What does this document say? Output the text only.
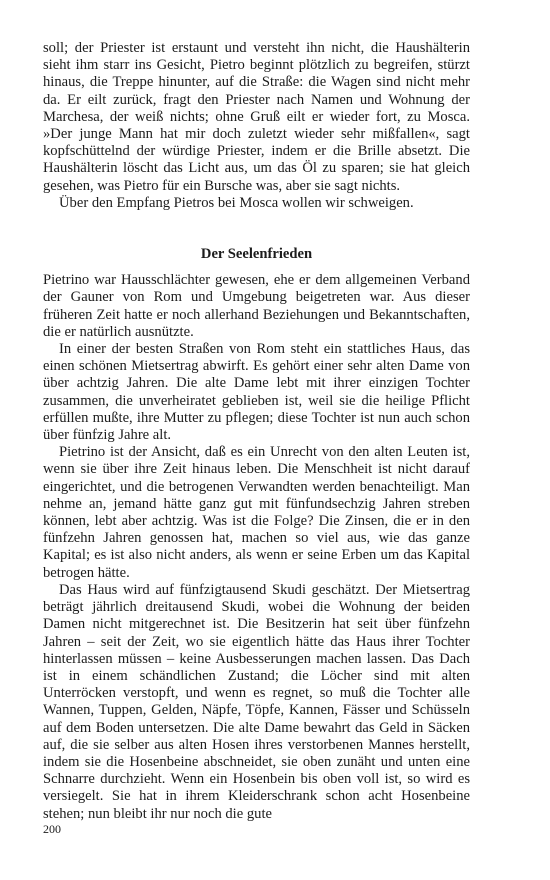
soll; der Priester ist erstaunt und versteht ihn nicht, die Haushälterin sieht ihm starr ins Gesicht, Pietro beginnt plötzlich zu begreifen, stürzt hinaus, die Treppe hinunter, auf die Straße: die Wagen sind nicht mehr da. Er eilt zurück, fragt den Priester nach Namen und Wohnung der Marchesa, der weiß nichts; ohne Gruß eilt er wieder fort, zu Mosca. »Der junge Mann hat mir doch zuletzt wieder sehr mißfallen«, sagt kopfschüttelnd der würdige Priester, indem er die Brille absetzt. Die Haushälterin löscht das Licht aus, um das Öl zu sparen; sie hat gleich gesehen, was Pietro für ein Bursche was, aber sie sagt nichts.

Über den Empfang Pietros bei Mosca wollen wir schweigen.

Der Seelenfrieden

Pietrino war Hausschlächter gewesen, ehe er dem allgemeinen Verband der Gauner von Rom und Umgebung beigetreten war. Aus dieser früheren Zeit hatte er noch allerhand Beziehungen und Bekanntschaften, die er natürlich ausnützte.

In einer der besten Straßen von Rom steht ein stattliches Haus, das einen schönen Mietsertrag abwirft. Es gehört einer sehr alten Dame von über achtzig Jahren. Die alte Dame lebt mit ihrer einzigen Tochter zusammen, die unverheiratet geblieben ist, weil sie die heilige Pflicht erfüllen mußte, ihre Mutter zu pflegen; diese Tochter ist nun auch schon über fünfzig Jahre alt.

Pietrino ist der Ansicht, daß es ein Unrecht von den alten Leuten ist, wenn sie über ihre Zeit hinaus leben. Die Menschheit ist nicht darauf eingerichtet, und die betrogenen Verwandten werden benachteiligt. Man nehme an, jemand hätte ganz gut mit fünfundsechzig Jahren streben können, lebt aber achtzig. Was ist die Folge? Die Zinsen, die er in den fünfzehn Jahren genossen hat, machen so viel aus, wie das ganze Kapital; es ist also nicht anders, als wenn er seine Erben um das Kapital betrogen hätte.

Das Haus wird auf fünfzigtausend Skudi geschätzt. Der Mietsertrag beträgt jährlich dreitausend Skudi, wobei die Wohnung der beiden Damen nicht mitgerechnet ist. Die Besitzerin hat seit über fünfzehn Jahren – seit der Zeit, wo sie eigentlich hätte das Haus ihrer Tochter hinterlassen müssen – keine Ausbesserungen machen lassen. Das Dach ist in einem schändlichen Zustand; die Löcher sind mit alten Unterröcken verstopft, und wenn es regnet, so muß die Tochter alle Wannen, Tuppen, Gelden, Näpfe, Töpfe, Kannen, Fässer und Schüsseln auf dem Boden untersetzen. Die alte Dame bewahrt das Geld in Säcken auf, die sie selber aus alten Hosen ihres verstorbenen Mannes herstellt, indem sie die Hosenbeine abschneidet, sie oben zunäht und unten eine Schnarre durchzieht. Wenn ein Hosenbein bis oben voll ist, so wird es versiegelt. Sie hat in ihrem Kleiderschrank schon acht Hosenbeine stehen; nun bleibt ihr nur noch die gute

200
